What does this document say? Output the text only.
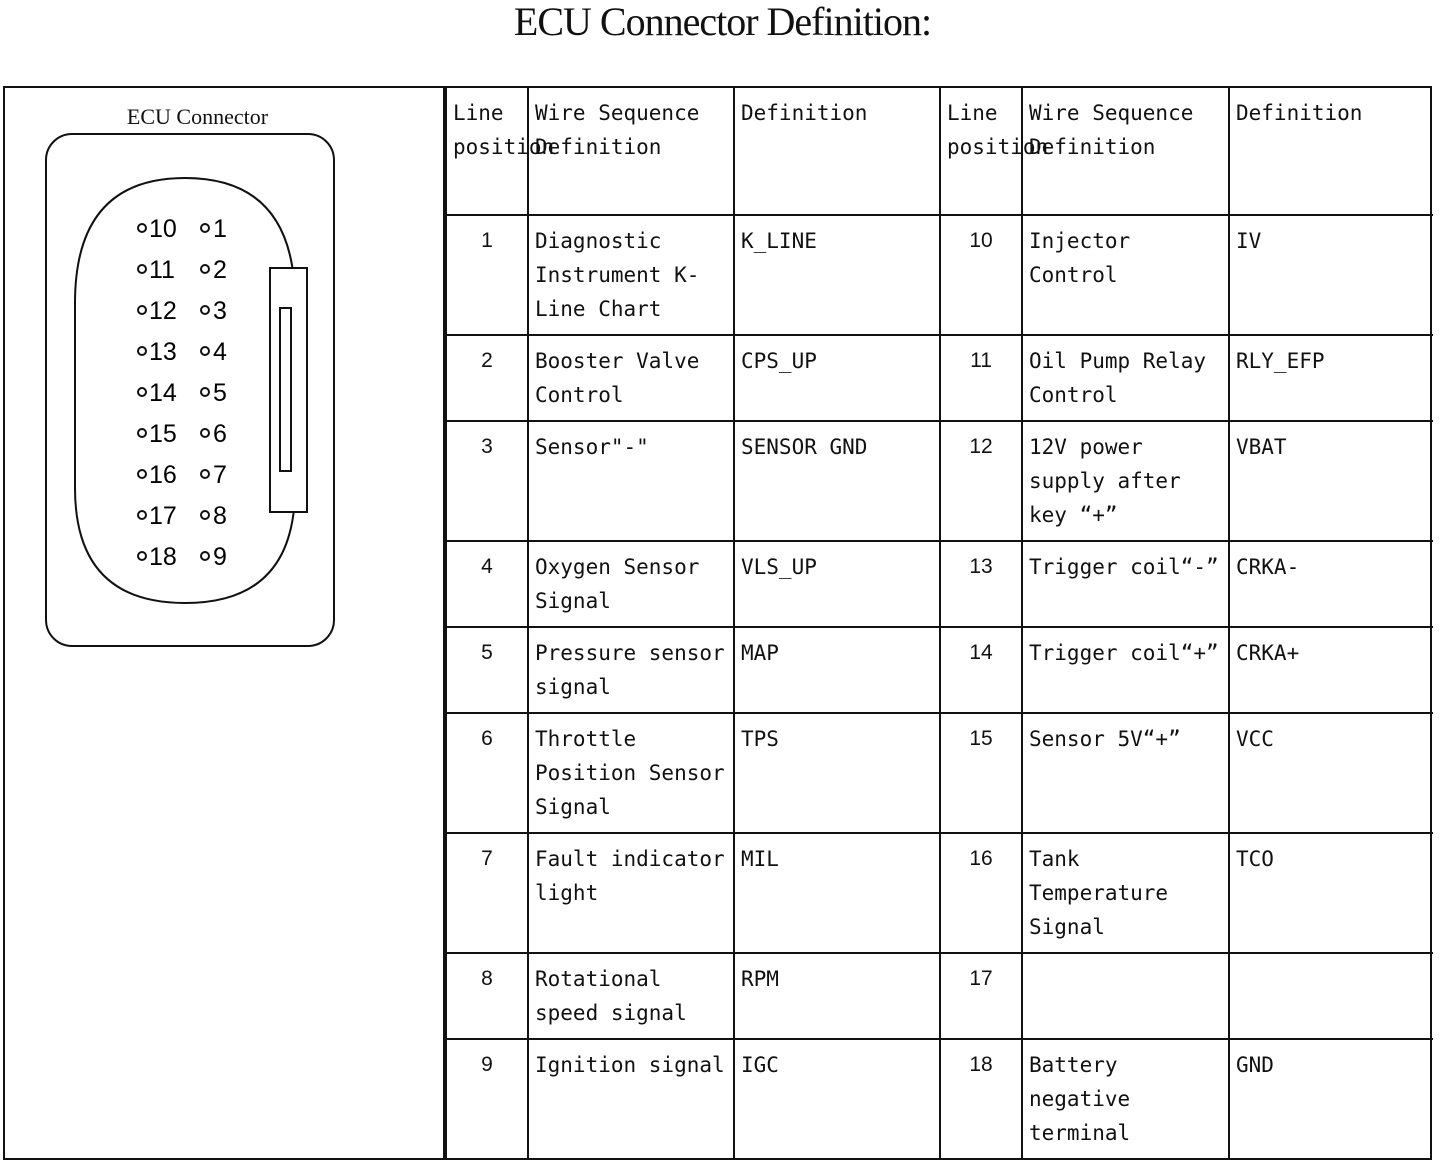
ECU Connector Definition:
ECU Connector
10
11
12
13
14
15
16
17
18
1
2
3
4
5
6
7
8
9
Line position	Wire Sequence Definition	Definition	Line position	Wire Sequence Definition	Definition
1	Diagnostic Instrument K-Line Chart	K_LINE	10	Injector Control	IV
2	Booster Valve Control	CPS_UP	11	Oil Pump Relay Control	RLY_EFP
3	Sensor"-"	SENSOR GND	12	12V power supply after key “+”	VBAT
4	Oxygen Sensor Signal	VLS_UP	13	Trigger coil“-”	CRKA-
5	Pressure sensor signal	MAP	14	Trigger coil“+”	CRKA+
6	Throttle Position Sensor Signal	TPS	15	Sensor 5V“+”	VCC
7	Fault indicator light	MIL	16	Tank Temperature Signal	TCO
8	Rotational speed signal	RPM	17		
9	Ignition signal	IGC	18	Battery negative terminal	GND
